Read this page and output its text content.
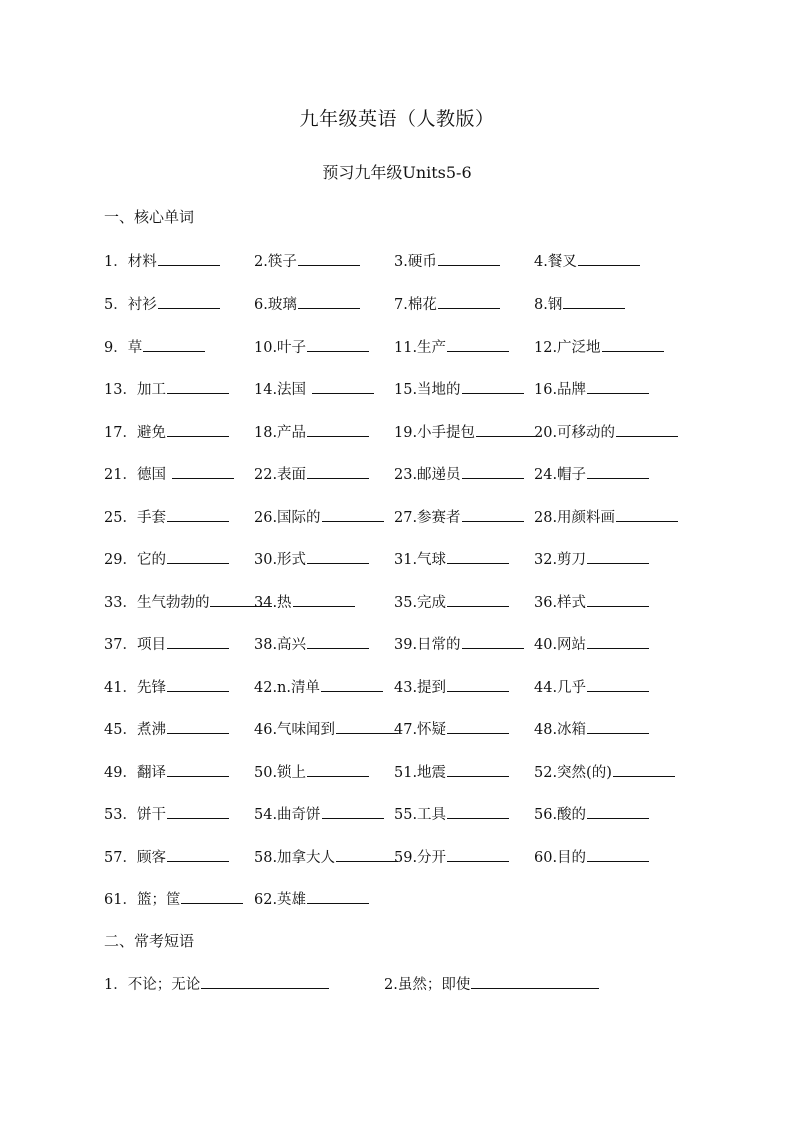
九年级英语（人教版）
预习九年级Units5-6
一、核心单词
1．材料	2.筷子	3.硬币	4.餐叉
5．衬衫	6.玻璃	7.棉花	8.钢
9．草	10.叶子	11.生产	12.广泛地
13．加工	14.法国	15.当地的	16.品牌
17．避免	18.产品	19.小手提包	20.可移动的
21．德国	22.表面	23.邮递员	24.帽子
25．手套	26.国际的	27.参赛者	28.用颜料画
29．它的	30.形式	31.气球	32.剪刀
33．生气勃勃的	34.热	35.完成	36.样式
37．项目	38.高兴	39.日常的	40.网站
41．先锋	42.n.清单	43.提到	44.几乎
45．煮沸	46.气味闻到	47.怀疑	48.冰箱
49．翻译	50.锁上	51.地震	52.突然(的)
53．饼干	54.曲奇饼	55.工具	56.酸的
57．顾客	58.加拿大人	59.分开	60.目的
61．篮；筐	62.英雄
二、常考短语
1．不论；无论	2.虽然；即使
